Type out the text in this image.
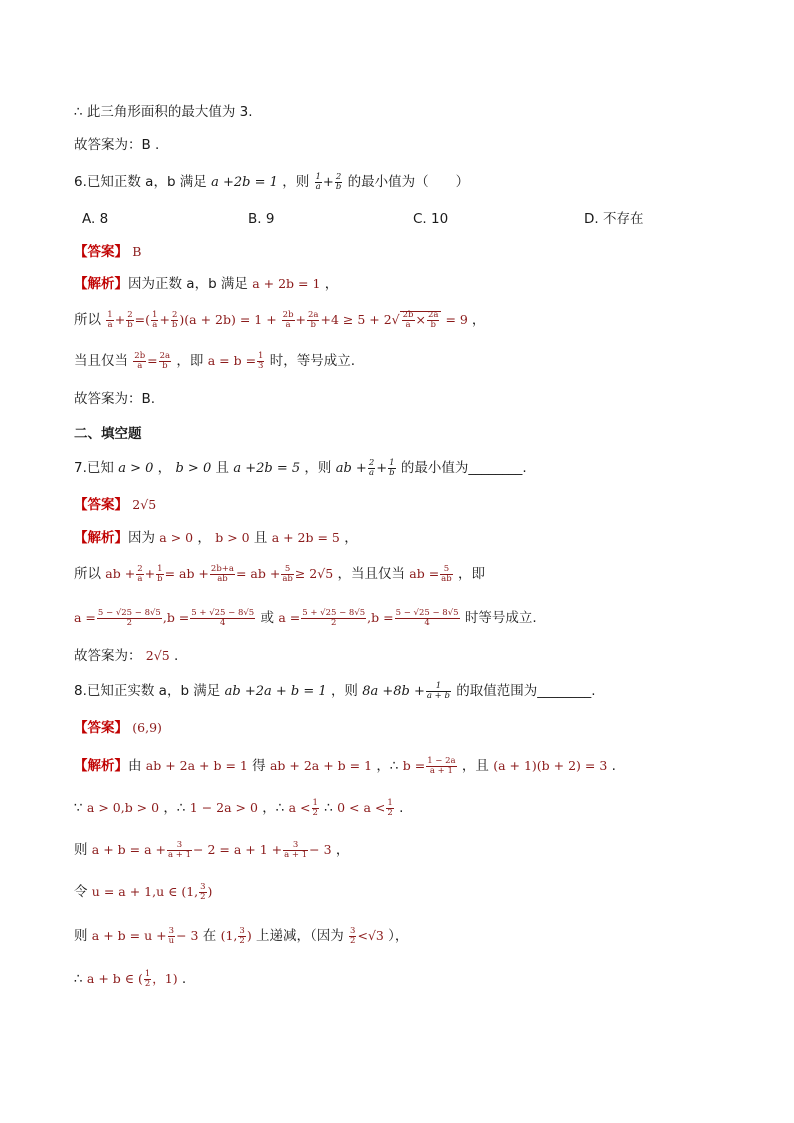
∴ 此三角形面积的最大值为 3.
故答案为：B .
6.已知正数 a，b 满足 a +2b = 1 ，则 $\frac{1}{a} + \frac{2}{b}$ 的最小值为（　　）
A. 8	B. 9	C. 10	D. 不存在
【答案】 B
【解析】因为正数 a，b 满足 a + 2b = 1 ，
所以 $\frac{1}{a} + \frac{2}{b}$ =( $\frac{1}{a} + \frac{2}{b} )(a + 2b) = 1 + \frac{2b}{a} + \frac{2a}{b} +4 \ge 5 + 2√ \frac{2b}{a} \times \frac{2a}{b} = 9$ ，
当且仅当 $\frac{2b}{a} = \frac{2a}{b}$ ，即 $a = b = \frac{1}{3}$ 时，等号成立.
故答案为：B.
二、填空题
7.已知 a > 0 ， b > 0 且 a +2b = 5 ，则 ab + $\frac{2}{a} + \frac{1}{b}$ 的最小值为________.
【答案】 2√5
【解析】因为 a > 0 ， b > 0 且 a + 2b = 5 ，
所以 ab + $\frac{2}{a} + \frac{1}{b}$ = ab + $\frac{2b+a}{ab}$ = ab + $\frac{5}{ab} \ge 2√5$ ，当且仅当 ab = $\frac{5}{ab}$ ，即
$a = \frac{5 - √25 - 8√5}{2} ,b = \frac{5 + √25 - 8√5}{4}$ 或 $a = \frac{5 + √25 - 8√5}{2} ,b = \frac{5 - √25 - 8√5}{4}$ 时等号成立.
故答案为： 2√5 .
8.已知正实数 a，b 满足 ab +2a + b = 1 ，则 $8a +8b + \frac{1}{a + b}$ 的取值范围为________.
【答案】 (6,9)
【解析】由 ab + 2a + b = 1 得 ab + 2a + b = 1 ，∴ $b = \frac{1 - 2a}{a + 1}$ ，且 (a + 1)(b + 2) = 3 .
∵ a > 0,b > 0 ，∴ 1 − 2a > 0 ，∴ $a < \frac{1}{2}$ ∴ $0 < a < \frac{1}{2}$ .
则 $a + b = a + \frac{3}{a + 1} - 2 = a + 1 + \frac{3}{a + 1} - 3$ ，
令 u = a + 1,u ∈ (1, $\frac{3}{2}$ )
则 $a + b = u + \frac{3}{u} - 3$ 在 (1, $\frac{3}{2}$ ) 上递减，（因为 $\frac{3}{2} <√3$ ），
∴ a + b ∈ ( $\frac{1}{2}$ ，1) .
